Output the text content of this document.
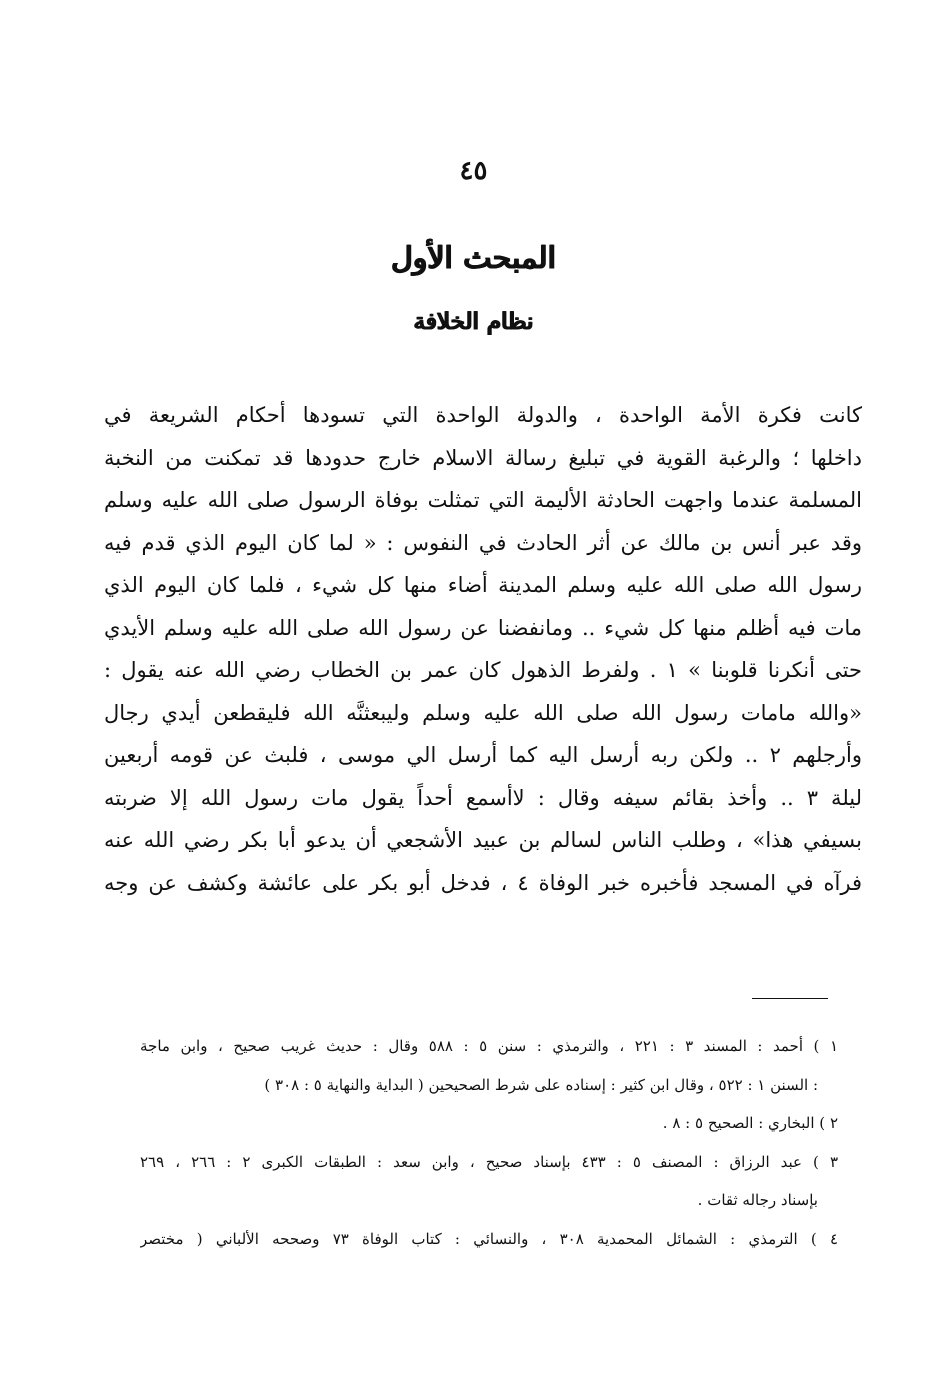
٤٥
المبحث الأول
نظام الخلافة
كانت فكرة الأمة الواحدة ، والدولة الواحدة التي تسودها أحكام الشريعة في
داخلها ؛ والرغبة القوية في تبليغ رسالة الاسلام خارج حدودها قد تمكنت من النخبة
المسلمة عندما واجهت الحادثة الأليمة التي تمثلت بوفاة الرسول صلى الله عليه وسلم
وقد عبر أنس بن مالك عن أثر الحادث في النفوس : « لما كان اليوم الذي قدم فيه
رسول الله صلى الله عليه وسلم المدينة أضاء منها كل شيء ، فلما كان اليوم الذي
مات فيه أظلم منها كل شيء .. ومانفضنا عن رسول الله صلى الله عليه وسلم الأيدي
حتى أنكرنا قلوبنا » ١ . ولفرط الذهول كان عمر بن الخطاب رضي الله عنه يقول :
«والله مامات رسول الله صلى الله عليه وسلم وليبعثنَّه الله فليقطعن أيدي رجال
وأرجلهم ٢ .. ولكن ربه أرسل اليه كما أرسل الي موسى ، فلبث عن قومه أربعين
ليلة ٣ .. وأخذ بقائم سيفه وقال : لاأسمع أحداً يقول مات رسول الله إلا ضربته
بسيفي هذا» ، وطلب الناس لسالم بن عبيد الأشجعي أن يدعو أبا بكر رضي الله عنه
فرآه في المسجد فأخبره خبر الوفاة ٤ ، فدخل أبو بكر على عائشة وكشف عن وجه
١ ) أحمد : المسند ٣ : ٢٢١ ، والترمذي : سنن ٥ : ٥٨٨ وقال : حديث غريب صحيح ، وابن ماجة
: السنن ١ : ٥٢٢ ، وقال ابن كثير : إسناده على شرط الصحيحين ( البداية والنهاية ٥ : ٣٠٨ )
٢ ) البخاري : الصحيح ٥ : ٨ .
٣ ) عبد الرزاق : المصنف ٥ : ٤٣٣ بإسناد صحيح ، وابن سعد : الطبقات الكبرى ٢ : ٢٦٦ ، ٢٦٩
بإسناد رجاله ثقات .
٤ ) الترمذي : الشمائل المحمدية ٣٠٨ ، والنسائي : كتاب الوفاة ٧٣ وصححه الألباني ( مختصر
